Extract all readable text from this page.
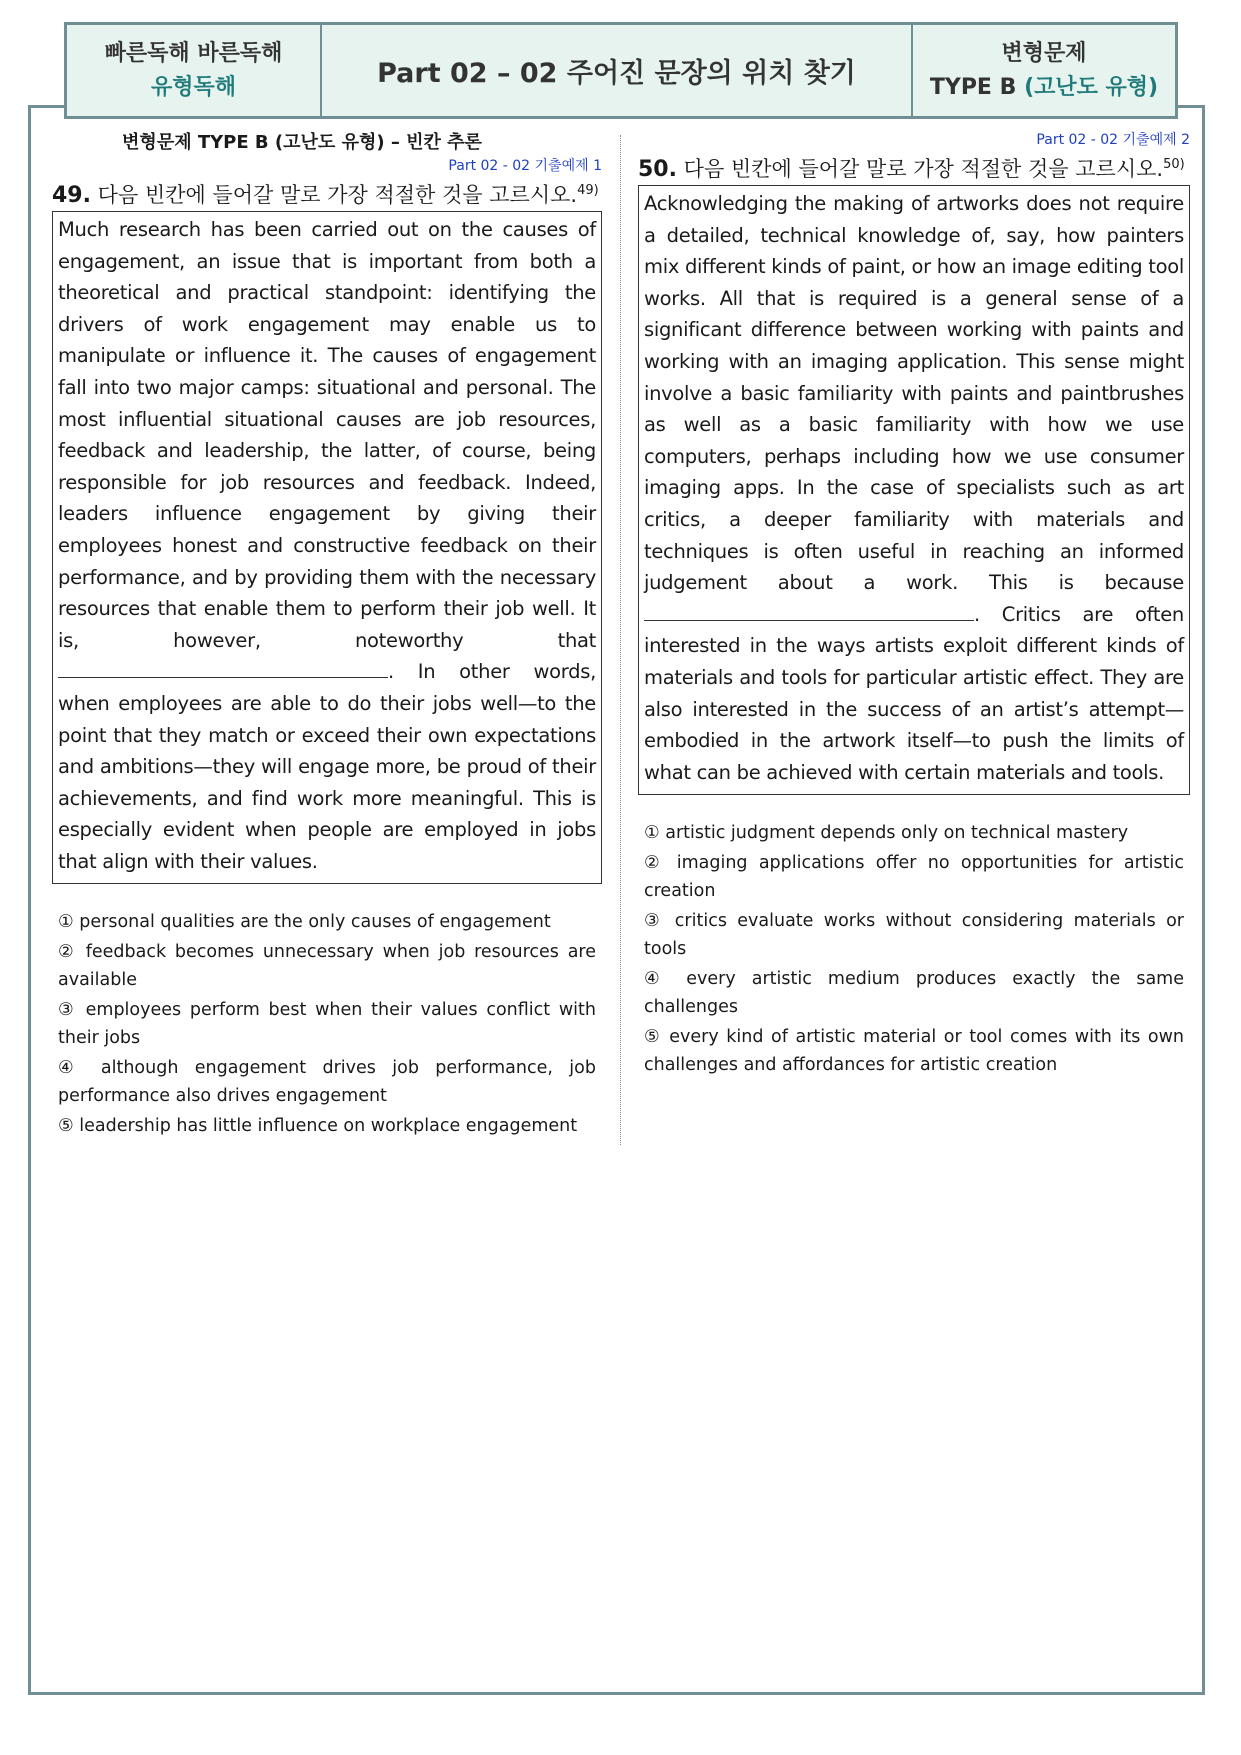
빠른독해 바른독해
유형독해	Part 02 – 02 주어진 문장의 위치 찾기
변형문제
TYPE B (고난도 유형)
변형문제 TYPE B (고난도 유형) – 빈칸 추론
Part 02 - 02 기출예제 1
49. 다음 빈칸에 들어갈 말로 가장 적절한 것을 고르시오.$^{49)}$
Much research has been carried out on the causes of engagement, an issue that is important from both a theoretical and practical standpoint: identifying the drivers of work engagement may enable us to manipulate or influence it. The causes of engagement fall into two major camps: situational and personal. The most influential situational causes are job resources, feedback and leadership, the latter, of course, being responsible for job resources and feedback. Indeed, leaders influence engagement by giving their employees honest and constructive feedback on their performance, and by providing them with the necessary resources that enable them to perform their job well. It is, however, noteworthy that . In other words, when employees are able to do their jobs well—to the point that they match or exceed their own expectations and ambitions—they will engage more, be proud of their achievements, and find work more meaningful. This is especially evident when people are employed in jobs that align with their values.
① personal qualities are the only causes of engagement
② feedback becomes unnecessary when job resources are available
③ employees perform best when their values conflict with their jobs
④ although engagement drives job performance, job performance also drives engagement
⑤ leadership has little influence on workplace engagement
Part 02 - 02 기출예제 2
50. 다음 빈칸에 들어갈 말로 가장 적절한 것을 고르시오.$^{50)}$
Acknowledging the making of artworks does not require a detailed, technical knowledge of, say, how painters mix different kinds of paint, or how an image editing tool works. All that is required is a general sense of a significant difference between working with paints and working with an imaging application. This sense might involve a basic familiarity with paints and paintbrushes as well as a basic familiarity with how we use computers, perhaps including how we use consumer imaging apps. In the case of specialists such as art critics, a deeper familiarity with materials and techniques is often useful in reaching an informed judgement about a work. This is because . Critics are often interested in the ways artists exploit different kinds of materials and tools for particular artistic effect. They are also interested in the success of an artist’s attempt—embodied in the artwork itself—to push the limits of what can be achieved with certain materials and tools.
① artistic judgment depends only on technical mastery
② imaging applications offer no opportunities for artistic creation
③ critics evaluate works without considering materials or tools
④ every artistic medium produces exactly the same challenges
⑤ every kind of artistic material or tool comes with its own challenges and affordances for artistic creation
